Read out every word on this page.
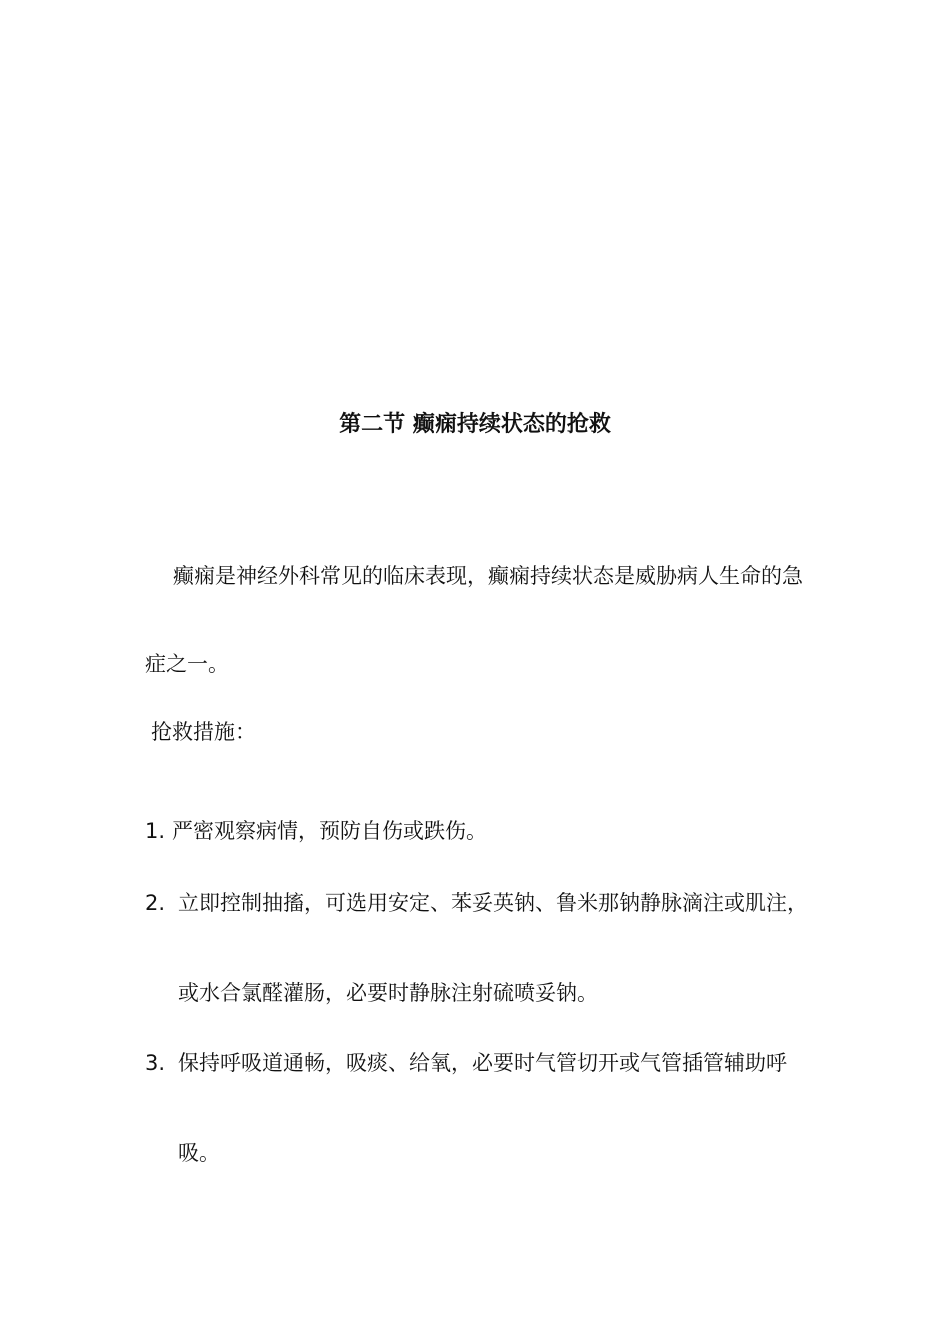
第二节 癫痫持续状态的抢救

癫痫是神经外科常见的临床表现，癫痫持续状态是威胁病人生命的急症之一。

抢救措施：
1. 严密观察病情，预防自伤或跌伤。
2. 立即控制抽搐，可选用安定、苯妥英钠、鲁米那钠静脉滴注或肌注，或水合氯醛灌肠，必要时静脉注射硫喷妥钠。
3. 保持呼吸道通畅，吸痰、给氧，必要时气管切开或气管插管辅助呼吸。
